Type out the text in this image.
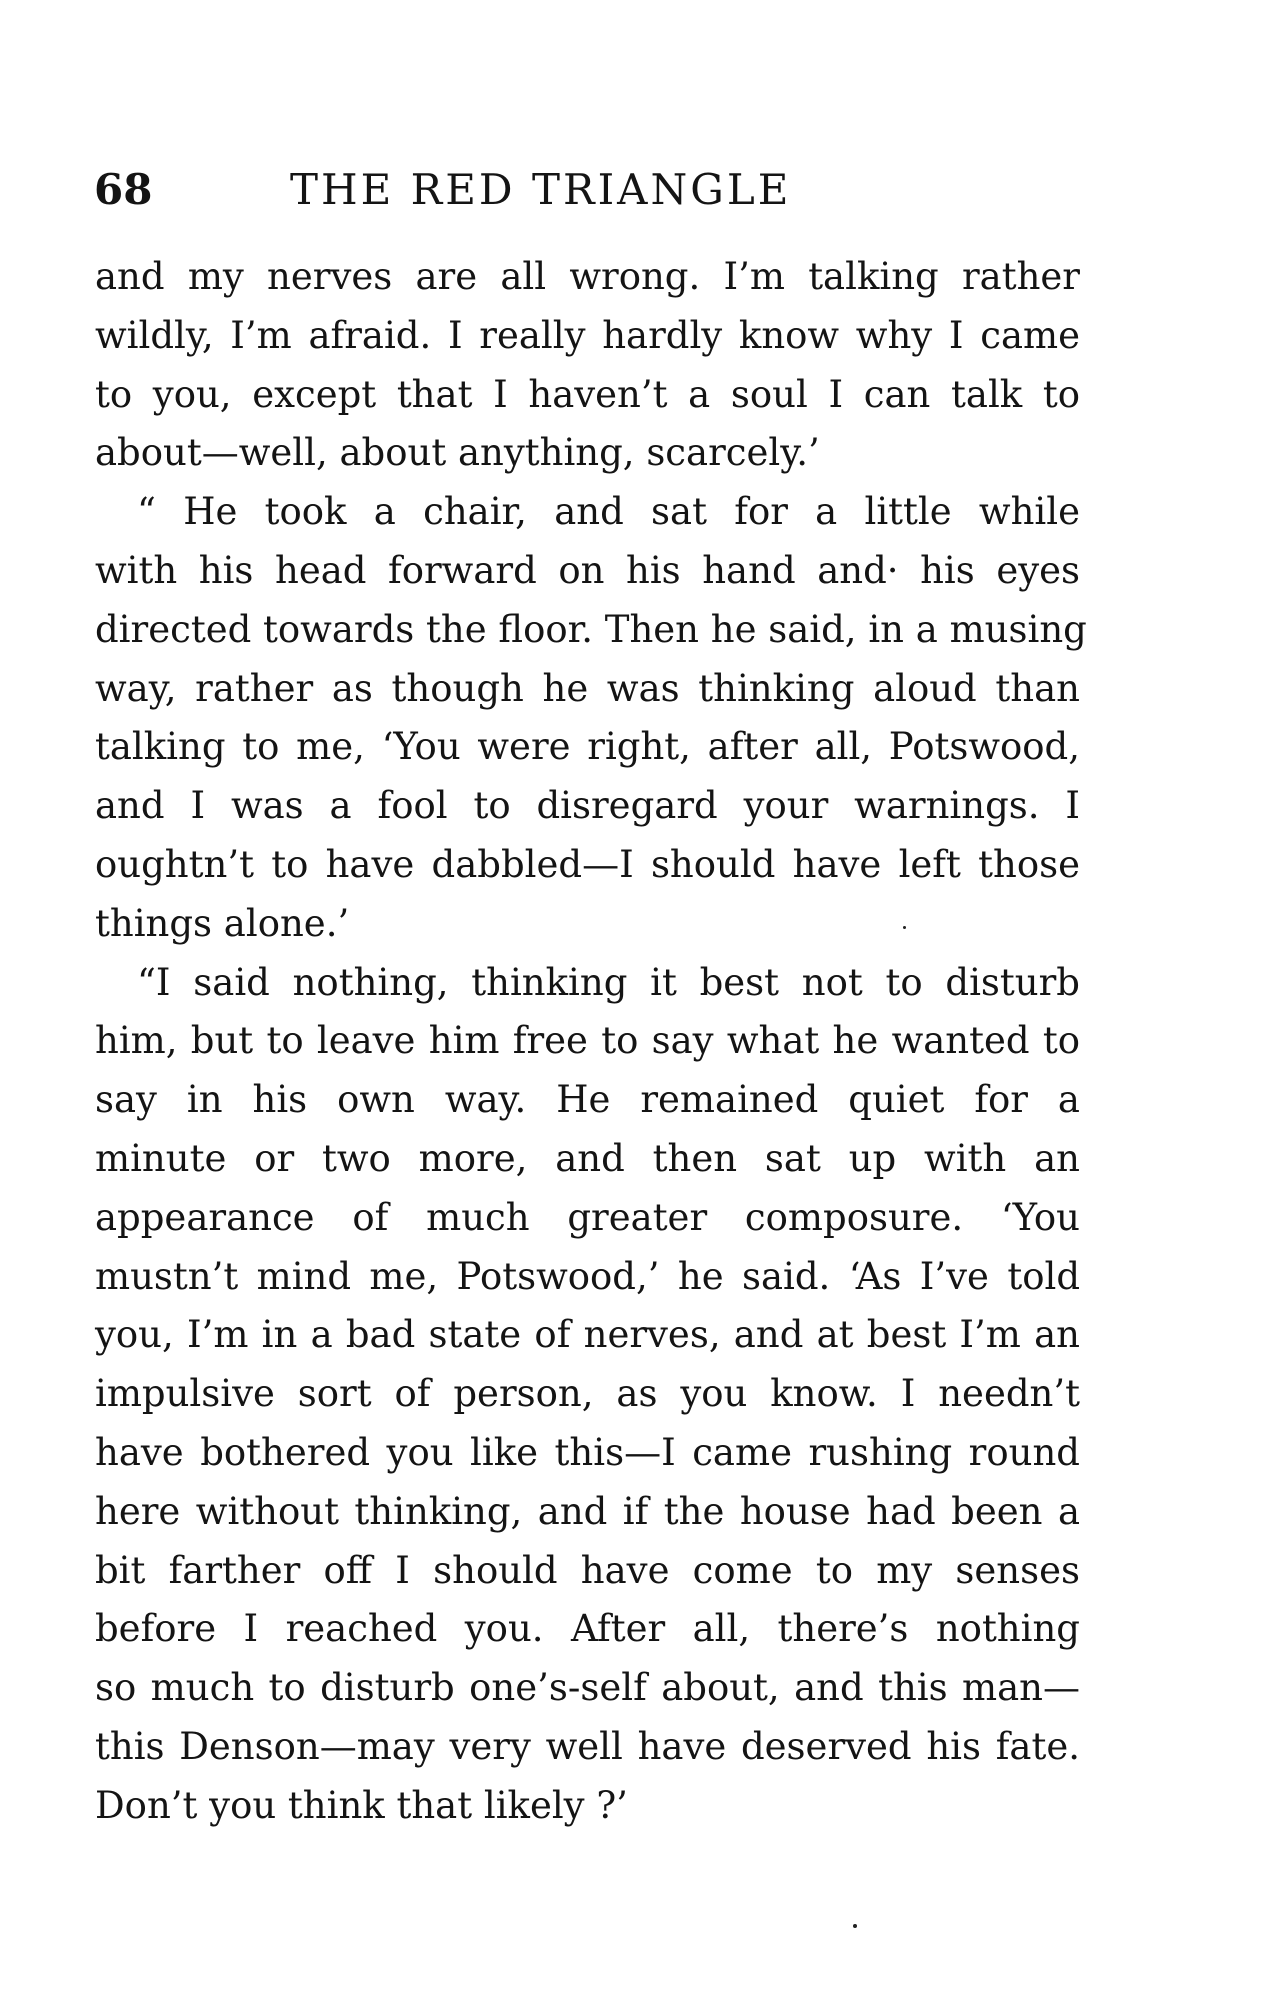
68	THE RED TRIANGLE
and my nerves are all wrong. I’m talking rather
wildly, I’m afraid. I really hardly know why I came
to you, except that I haven’t a soul I can talk to
about—well, about anything, scarcely.’
“ He took a chair, and sat for a little while
with his head forward on his hand and· his eyes
directed towards the floor. Then he said, in a musing
way, rather as though he was thinking aloud than
talking to me, ‘You were right, after all, Potswood,
and I was a fool to disregard your warnings. I
oughtn’t to have dabbled—I should have left those
things alone.’
“I said nothing, thinking it best not to disturb
him, but to leave him free to say what he wanted to
say in his own way. He remained quiet for a
minute or two more, and then sat up with an
appearance of much greater composure. ‘You
mustn’t mind me, Potswood,’ he said. ‘As I’ve told
you, I’m in a bad state of nerves, and at best I’m an
impulsive sort of person, as you know. I needn’t
have bothered you like this—I came rushing round
here without thinking, and if the house had been a
bit farther off I should have come to my senses
before I reached you. After all, there’s nothing
so much to disturb one’s-self about, and this man—
this Denson—may very well have deserved his fate.
Don’t you think that likely ?’
